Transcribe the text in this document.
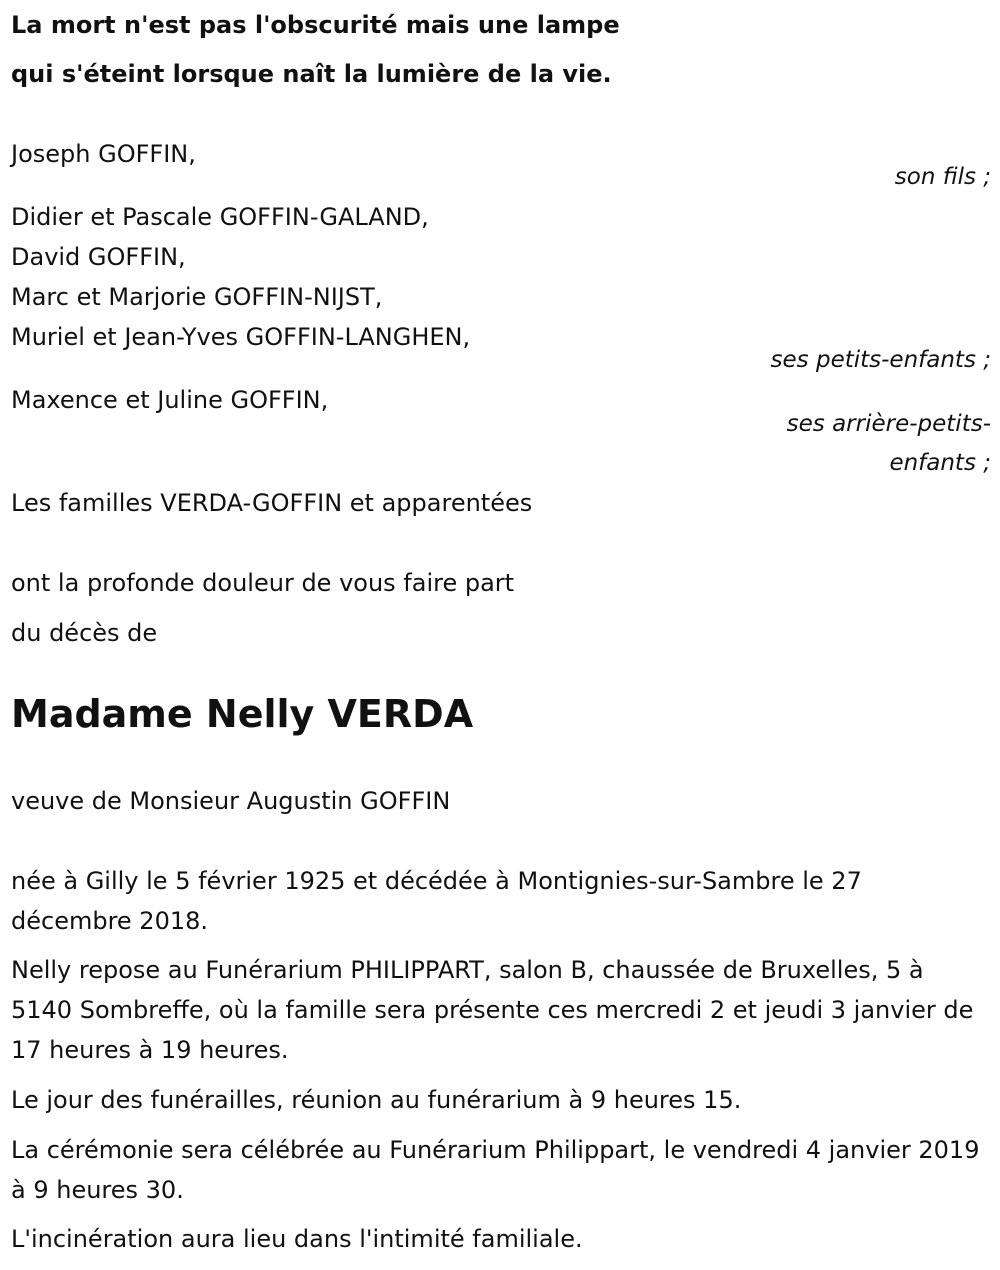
La mort n'est pas l'obscurité mais une lampe
qui s'éteint lorsque naît la lumière de la vie.
Joseph GOFFIN,
son fils ;
Didier et Pascale GOFFIN-GALAND,
David GOFFIN,
Marc et Marjorie GOFFIN-NIJST,
Muriel et Jean-Yves GOFFIN-LANGHEN,
ses petits-enfants ;
Maxence et Juline GOFFIN,
ses arrière-petits-
enfants ;
Les familles VERDA-GOFFIN et apparentées
ont la profonde douleur de vous faire part
du décès de
Madame Nelly VERDA
veuve de Monsieur Augustin GOFFIN
née à Gilly le 5 février 1925 et décédée à Montignies-sur-Sambre le 27 décembre 2018.
Nelly repose au Funérarium PHILIPPART, salon B, chaussée de Bruxelles, 5 à 5140 Sombreffe, où la famille sera présente ces mercredi 2 et jeudi 3 janvier de 17 heures à 19 heures.
Le jour des funérailles, réunion au funérarium à 9 heures 15.
La cérémonie sera célébrée au Funérarium Philippart, le vendredi 4 janvier 2019 à 9 heures 30.
L'incinération aura lieu dans l'intimité familiale.
